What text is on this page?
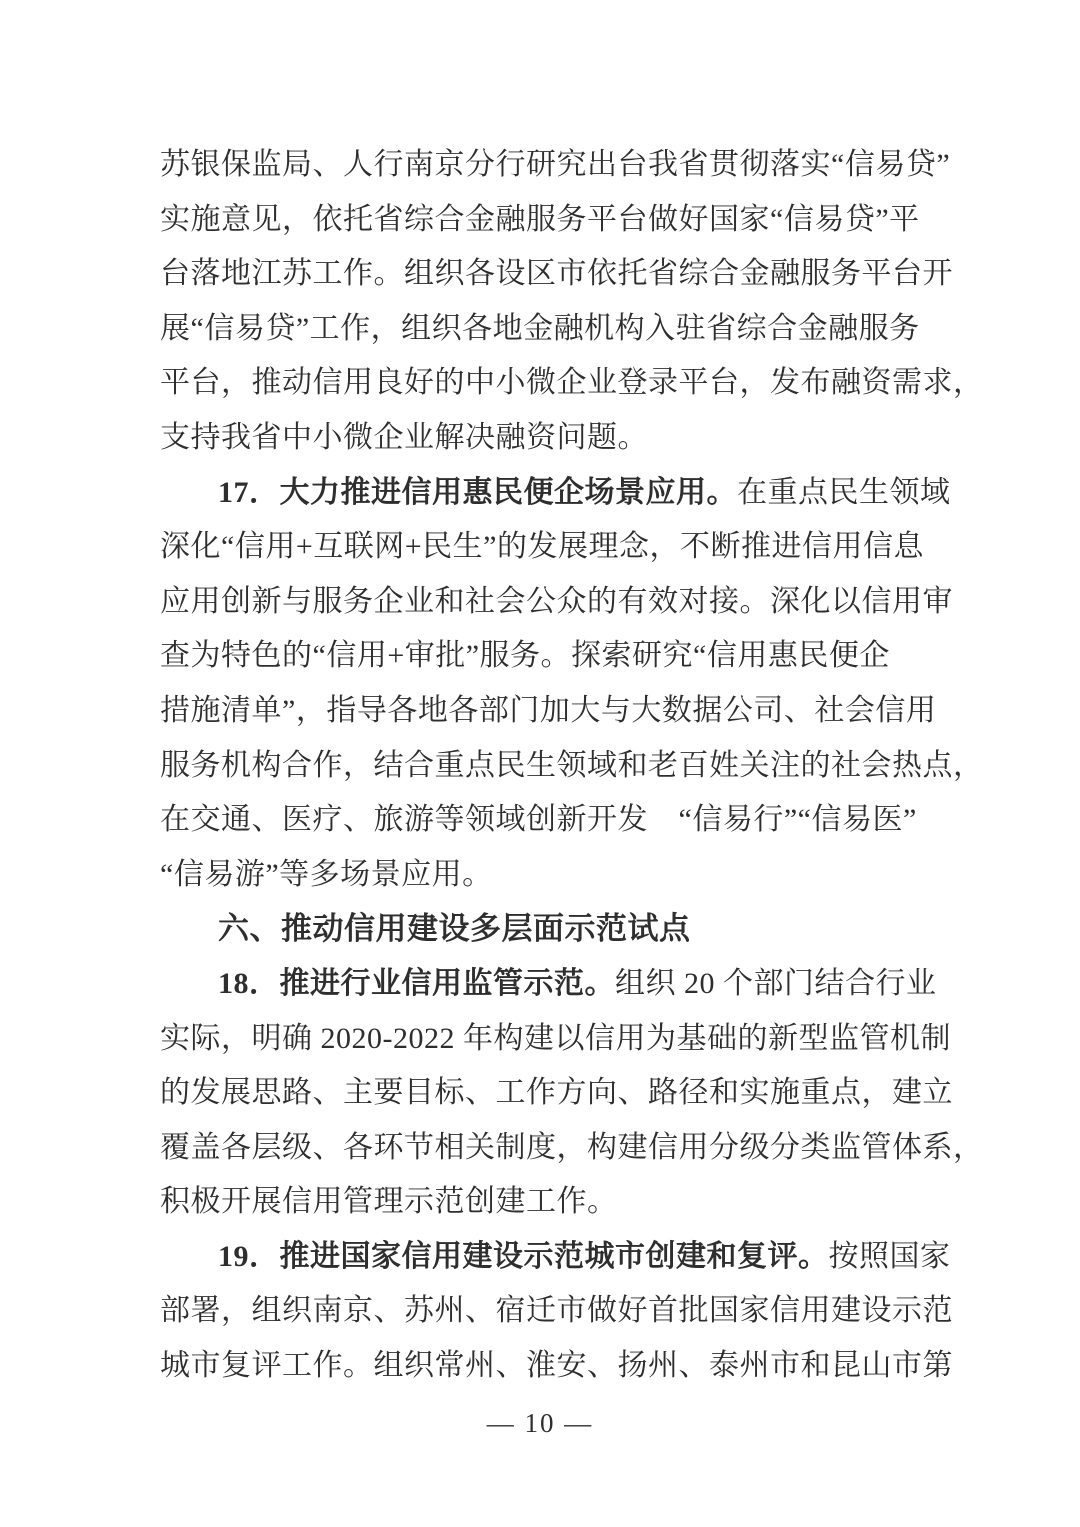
苏银保监局、人行南京分行研究出台我省贯彻落实“信易贷”
实施意见，依托省综合金融服务平台做好国家“信易贷”平
台落地江苏工作。组织各设区市依托省综合金融服务平台开
展“信易贷”工作，组织各地金融机构入驻省综合金融服务
平台，推动信用良好的中小微企业登录平台，发布融资需求，
支持我省中小微企业解决融资问题。
17．大力推进信用惠民便企场景应用。在重点民生领域
深化“信用+互联网+民生”的发展理念，不断推进信用信息
应用创新与服务企业和社会公众的有效对接。深化以信用审
查为特色的“信用+审批”服务。探索研究“信用惠民便企
措施清单”，指导各地各部门加大与大数据公司、社会信用
服务机构合作，结合重点民生领域和老百姓关注的社会热点，
在交通、医疗、旅游等领域创新开发　“信易行”“信易医”
“信易游”等多场景应用。
六、推动信用建设多层面示范试点
18．推进行业信用监管示范。组织 20 个部门结合行业
实际，明确 2020-2022 年构建以信用为基础的新型监管机制
的发展思路、主要目标、工作方向、路径和实施重点，建立
覆盖各层级、各环节相关制度，构建信用分级分类监管体系，
积极开展信用管理示范创建工作。
19．推进国家信用建设示范城市创建和复评。按照国家
部署，组织南京、苏州、宿迁市做好首批国家信用建设示范
城市复评工作。组织常州、淮安、扬州、泰州市和昆山市第
— 10 —
